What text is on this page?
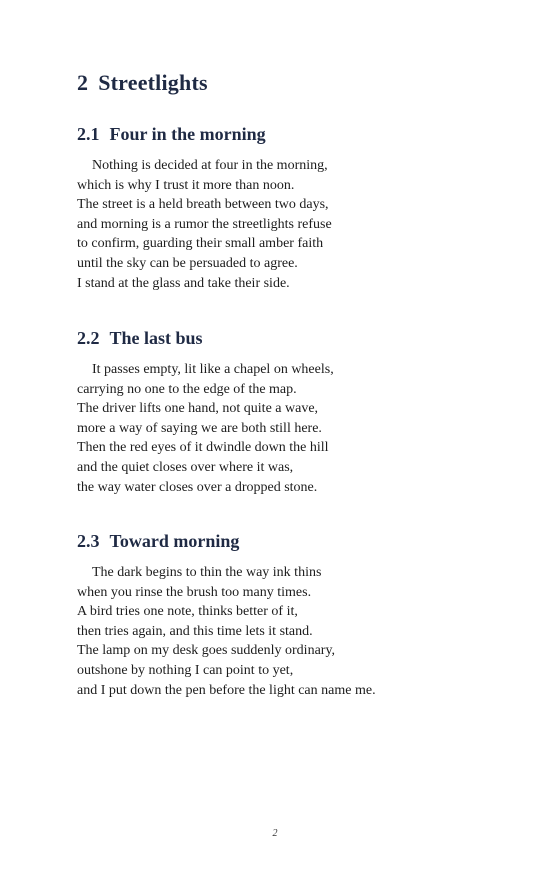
2 Streetlights
2.1 Four in the morning

Nothing is decided at four in the morning,
which is why I trust it more than noon.
The street is a held breath between two days,
and morning is a rumor the streetlights refuse
to confirm, guarding their small amber faith
until the sky can be persuaded to agree.
I stand at the glass and take their side.

2.2 The last bus

It passes empty, lit like a chapel on wheels,
carrying no one to the edge of the map.
The driver lifts one hand, not quite a wave,
more a way of saying we are both still here.
Then the red eyes of it dwindle down the hill
and the quiet closes over where it was,
the way water closes over a dropped stone.

2.3 Toward morning

The dark begins to thin the way ink thins
when you rinse the brush too many times.
A bird tries one note, thinks better of it,
then tries again, and this time lets it stand.
The lamp on my desk goes suddenly ordinary,
outshone by nothing I can point to yet,
and I put down the pen before the light can name me.

2
